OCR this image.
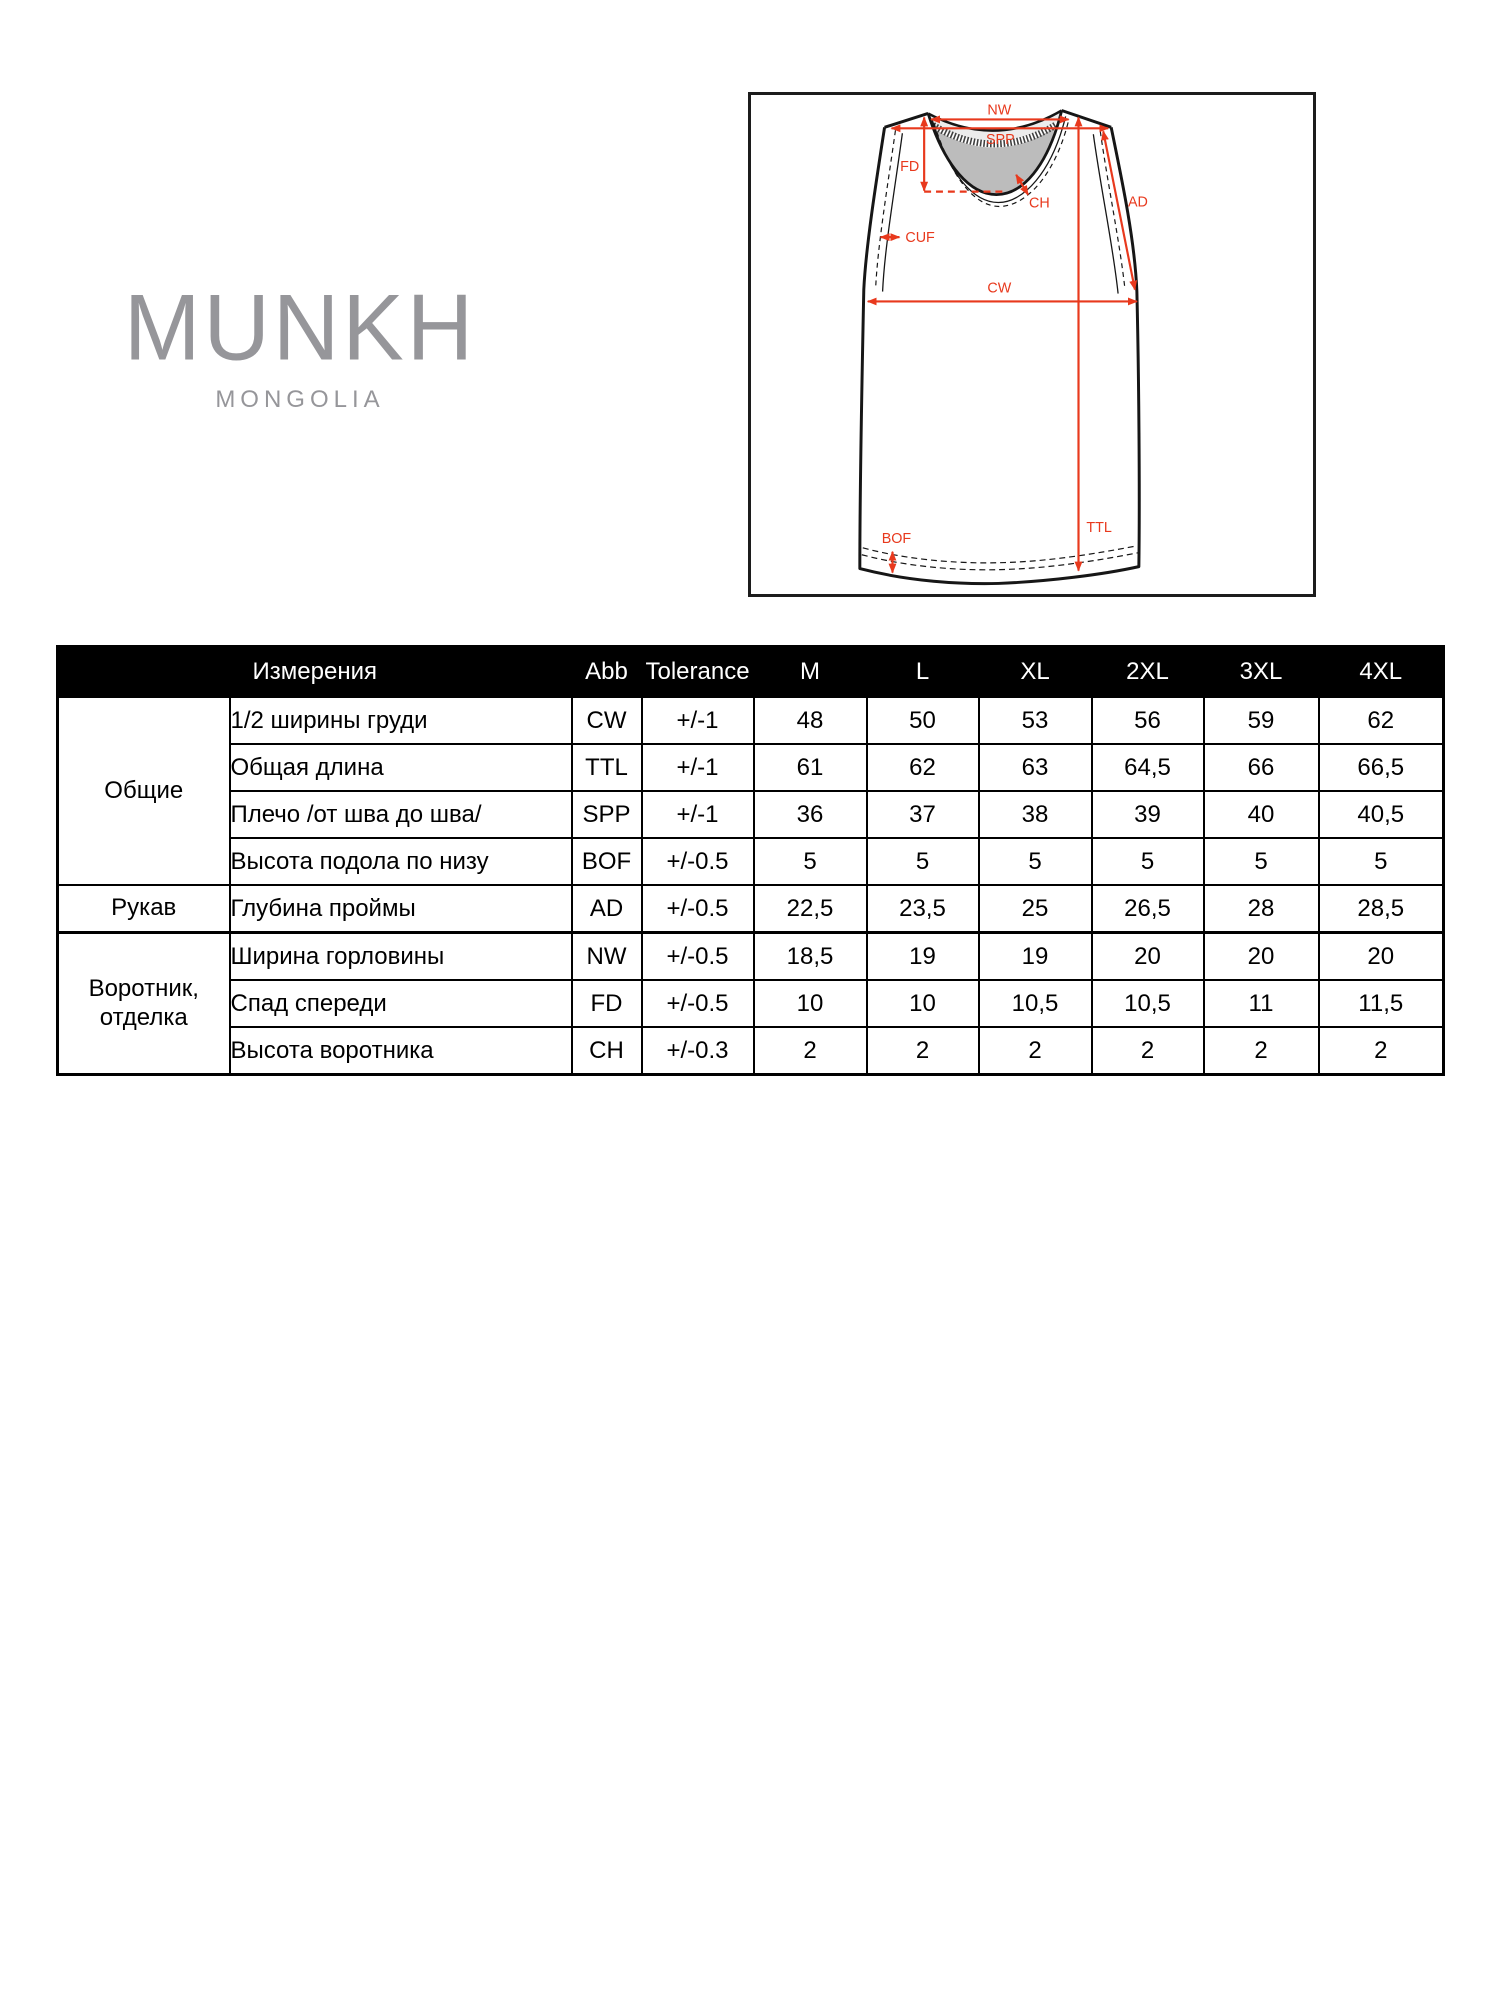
MUNKH
MONGOLIA
NW
SPP
FD
CH
CUF
CW
AD
TTL
BOF
Измерения		Abb	Tolerance	M	L	XL	2XL	3XL	4XL
Общие	1/2 ширины груди	CW	+/-1	48	50	53	56	59	62
	Общая длина	TTL	+/-1	61	62	63	64,5	66	66,5
	Плечо /от шва до шва/	SPP	+/-1	36	37	38	39	40	40,5
	Высота подола по низу	BOF	+/-0.5	5	5	5	5	5	5
Рукав	Глубина проймы	AD	+/-0.5	22,5	23,5	25	26,5	28	28,5
Воротник, отделка	Ширина горловины	NW	+/-0.5	18,5	19	19	20	20	20
	Спад спереди	FD	+/-0.5	10	10	10,5	10,5	11	11,5
	Высота воротника	CH	+/-0.3	2	2	2	2	2	2
